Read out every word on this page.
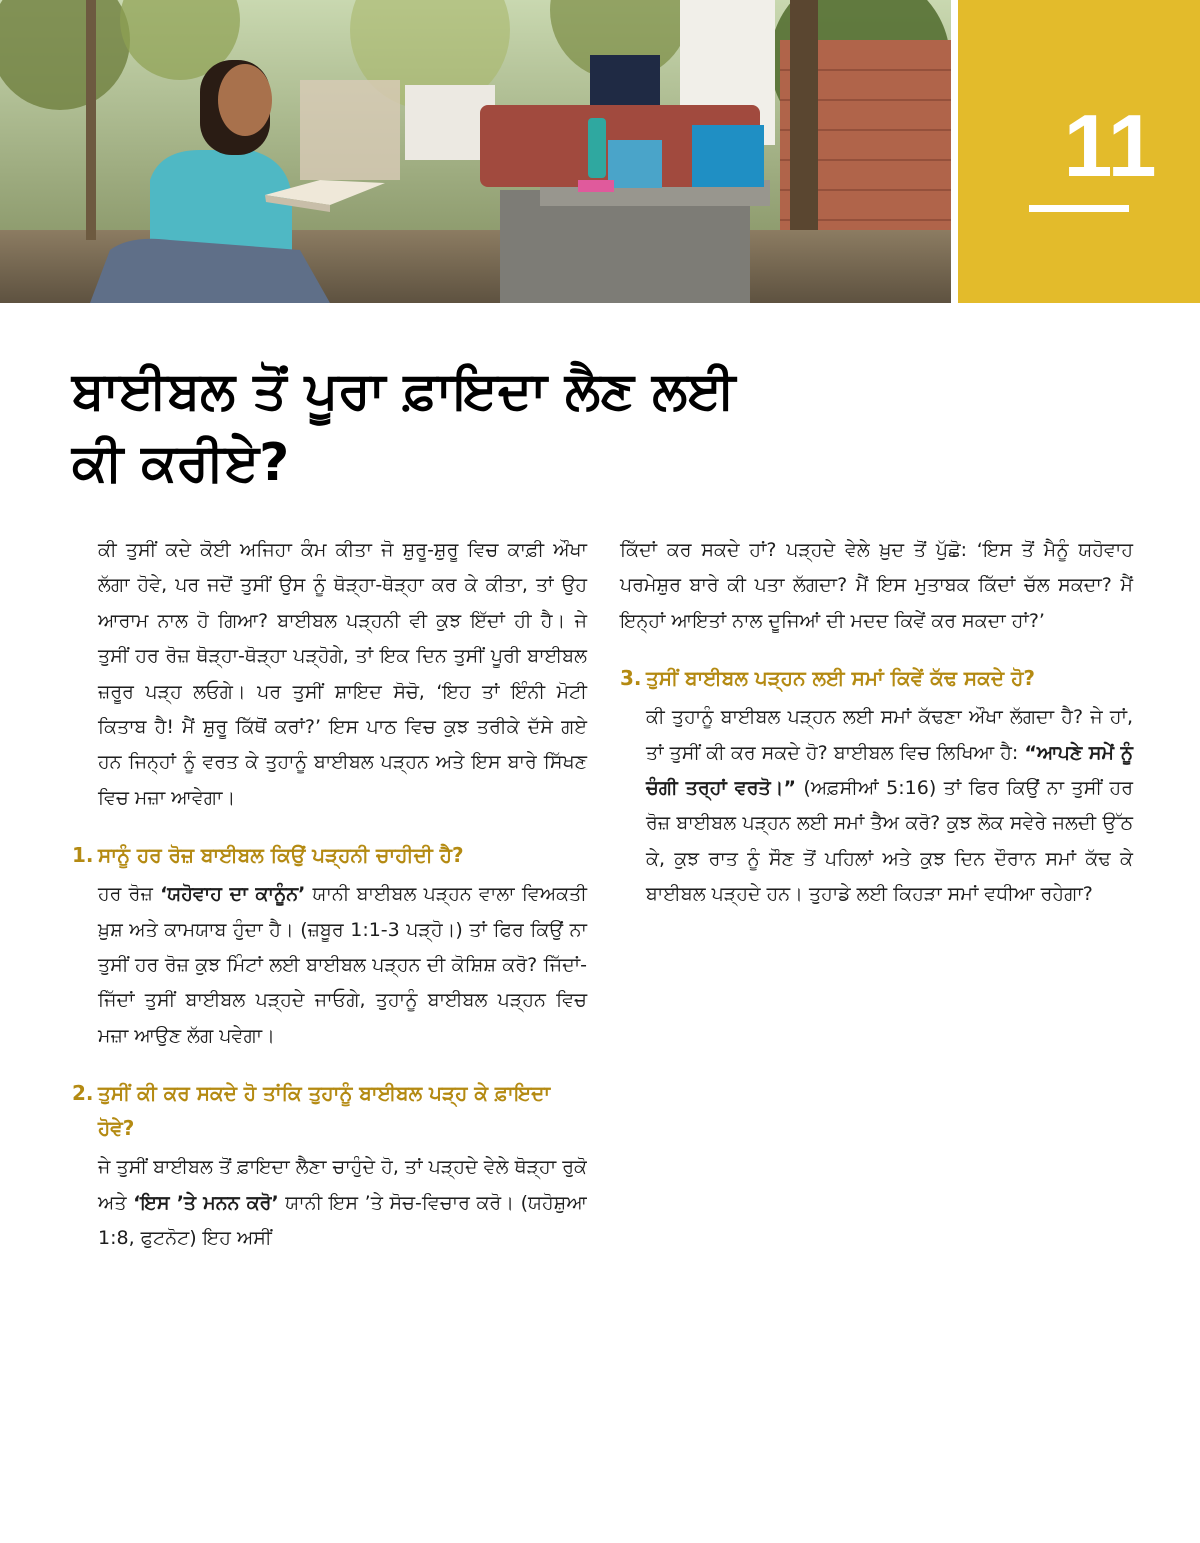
11
ਬਾਈਬਲ ਤੋਂ ਪੂਰਾ ਫ਼ਾਇਦਾ ਲੈਣ ਲਈ
ਕੀ ਕਰੀਏ?

ਕੀ ਤੁਸੀਂ ਕਦੇ ਕੋਈ ਅਜਿਹਾ ਕੰਮ ਕੀਤਾ ਜੋ ਸ਼ੁਰੂ-ਸ਼ੁਰੂ ਵਿਚ ਕਾਫ਼ੀ ਔਖਾ ਲੱਗਾ ਹੋਵੇ, ਪਰ ਜਦੋਂ ਤੁਸੀਂ ਉਸ ਨੂੰ ਥੋੜ੍ਹਾ-ਥੋੜ੍ਹਾ ਕਰ ਕੇ ਕੀਤਾ, ਤਾਂ ਉਹ ਆਰਾਮ ਨਾਲ ਹੋ ਗਿਆ? ਬਾਈਬਲ ਪੜ੍ਹਨੀ ਵੀ ਕੁਝ ਇੱਦਾਂ ਹੀ ਹੈ। ਜੇ ਤੁਸੀਂ ਹਰ ਰੋਜ਼ ਥੋੜ੍ਹਾ-ਥੋੜ੍ਹਾ ਪੜ੍ਹੋਗੇ, ਤਾਂ ਇਕ ਦਿਨ ਤੁਸੀਂ ਪੂਰੀ ਬਾਈਬਲ ਜ਼ਰੂਰ ਪੜ੍ਹ ਲਓਗੇ। ਪਰ ਤੁਸੀਂ ਸ਼ਾਇਦ ਸੋਚੋ, ‘ਇਹ ਤਾਂ ਇੰਨੀ ਮੋਟੀ ਕਿਤਾਬ ਹੈ! ਮੈਂ ਸ਼ੁਰੂ ਕਿੱਥੋਂ ਕਰਾਂ?’ ਇਸ ਪਾਠ ਵਿਚ ਕੁਝ ਤਰੀਕੇ ਦੱਸੇ ਗਏ ਹਨ ਜਿਨ੍ਹਾਂ ਨੂੰ ਵਰਤ ਕੇ ਤੁਹਾਨੂੰ ਬਾਈਬਲ ਪੜ੍ਹਨ ਅਤੇ ਇਸ ਬਾਰੇ ਸਿੱਖਣ ਵਿਚ ਮਜ਼ਾ ਆਵੇਗਾ।

1. ਸਾਨੂੰ ਹਰ ਰੋਜ਼ ਬਾਈਬਲ ਕਿਉਂ ਪੜ੍ਹਨੀ ਚਾਹੀਦੀ ਹੈ?

ਹਰ ਰੋਜ਼ ‘ਯਹੋਵਾਹ ਦਾ ਕਾਨੂੰਨ’ ਯਾਨੀ ਬਾਈਬਲ ਪੜ੍ਹਨ ਵਾਲਾ ਵਿਅਕਤੀ ਖ਼ੁਸ਼ ਅਤੇ ਕਾਮਯਾਬ ਹੁੰਦਾ ਹੈ। (ਜ਼ਬੂਰ 1:1-3 ਪੜ੍ਹੋ।) ਤਾਂ ਫਿਰ ਕਿਉਂ ਨਾ ਤੁਸੀਂ ਹਰ ਰੋਜ਼ ਕੁਝ ਮਿੰਟਾਂ ਲਈ ਬਾਈਬਲ ਪੜ੍ਹਨ ਦੀ ਕੋਸ਼ਿਸ਼ ਕਰੋ? ਜਿੱਦਾਂ-ਜਿੱਦਾਂ ਤੁਸੀਂ ਬਾਈਬਲ ਪੜ੍ਹਦੇ ਜਾਓਗੇ, ਤੁਹਾਨੂੰ ਬਾਈਬਲ ਪੜ੍ਹਨ ਵਿਚ ਮਜ਼ਾ ਆਉਣ ਲੱਗ ਪਵੇਗਾ।

2. ਤੁਸੀਂ ਕੀ ਕਰ ਸਕਦੇ ਹੋ ਤਾਂਕਿ ਤੁਹਾਨੂੰ ਬਾਈਬਲ ਪੜ੍ਹ ਕੇ ਫ਼ਾਇਦਾ ਹੋਵੇ?

ਜੇ ਤੁਸੀਂ ਬਾਈਬਲ ਤੋਂ ਫ਼ਾਇਦਾ ਲੈਣਾ ਚਾਹੁੰਦੇ ਹੋ, ਤਾਂ ਪੜ੍ਹਦੇ ਵੇਲੇ ਥੋੜ੍ਹਾ ਰੁਕੋ ਅਤੇ ‘ਇਸ ’ਤੇ ਮਨਨ ਕਰੋ’ ਯਾਨੀ ਇਸ ’ਤੇ ਸੋਚ-ਵਿਚਾਰ ਕਰੋ। (ਯਹੋਸ਼ੁਆ 1:8, ਫੁਟਨੋਟ) ਇਹ ਅਸੀਂ

ਕਿੱਦਾਂ ਕਰ ਸਕਦੇ ਹਾਂ? ਪੜ੍ਹਦੇ ਵੇਲੇ ਖ਼ੁਦ ਤੋਂ ਪੁੱਛੋ: ‘ਇਸ ਤੋਂ ਮੈਨੂੰ ਯਹੋਵਾਹ ਪਰਮੇਸ਼ੁਰ ਬਾਰੇ ਕੀ ਪਤਾ ਲੱਗਦਾ? ਮੈਂ ਇਸ ਮੁਤਾਬਕ ਕਿੱਦਾਂ ਚੱਲ ਸਕਦਾ? ਮੈਂ ਇਨ੍ਹਾਂ ਆਇਤਾਂ ਨਾਲ ਦੂਜਿਆਂ ਦੀ ਮਦਦ ਕਿਵੇਂ ਕਰ ਸਕਦਾ ਹਾਂ?’

3. ਤੁਸੀਂ ਬਾਈਬਲ ਪੜ੍ਹਨ ਲਈ ਸਮਾਂ ਕਿਵੇਂ ਕੱਢ ਸਕਦੇ ਹੋ?

ਕੀ ਤੁਹਾਨੂੰ ਬਾਈਬਲ ਪੜ੍ਹਨ ਲਈ ਸਮਾਂ ਕੱਢਣਾ ਔਖਾ ਲੱਗਦਾ ਹੈ? ਜੇ ਹਾਂ, ਤਾਂ ਤੁਸੀਂ ਕੀ ਕਰ ਸਕਦੇ ਹੋ? ਬਾਈਬਲ ਵਿਚ ਲਿਖਿਆ ਹੈ: “ਆਪਣੇ ਸਮੇਂ ਨੂੰ ਚੰਗੀ ਤਰ੍ਹਾਂ ਵਰਤੋ।” (ਅਫ਼ਸੀਆਂ 5:16) ਤਾਂ ਫਿਰ ਕਿਉਂ ਨਾ ਤੁਸੀਂ ਹਰ ਰੋਜ਼ ਬਾਈਬਲ ਪੜ੍ਹਨ ਲਈ ਸਮਾਂ ਤੈਅ ਕਰੋ? ਕੁਝ ਲੋਕ ਸਵੇਰੇ ਜਲਦੀ ਉੱਠ ਕੇ, ਕੁਝ ਰਾਤ ਨੂੰ ਸੌਣ ਤੋਂ ਪਹਿਲਾਂ ਅਤੇ ਕੁਝ ਦਿਨ ਦੌਰਾਨ ਸਮਾਂ ਕੱਢ ਕੇ ਬਾਈਬਲ ਪੜ੍ਹਦੇ ਹਨ। ਤੁਹਾਡੇ ਲਈ ਕਿਹੜਾ ਸਮਾਂ ਵਧੀਆ ਰਹੇਗਾ?
